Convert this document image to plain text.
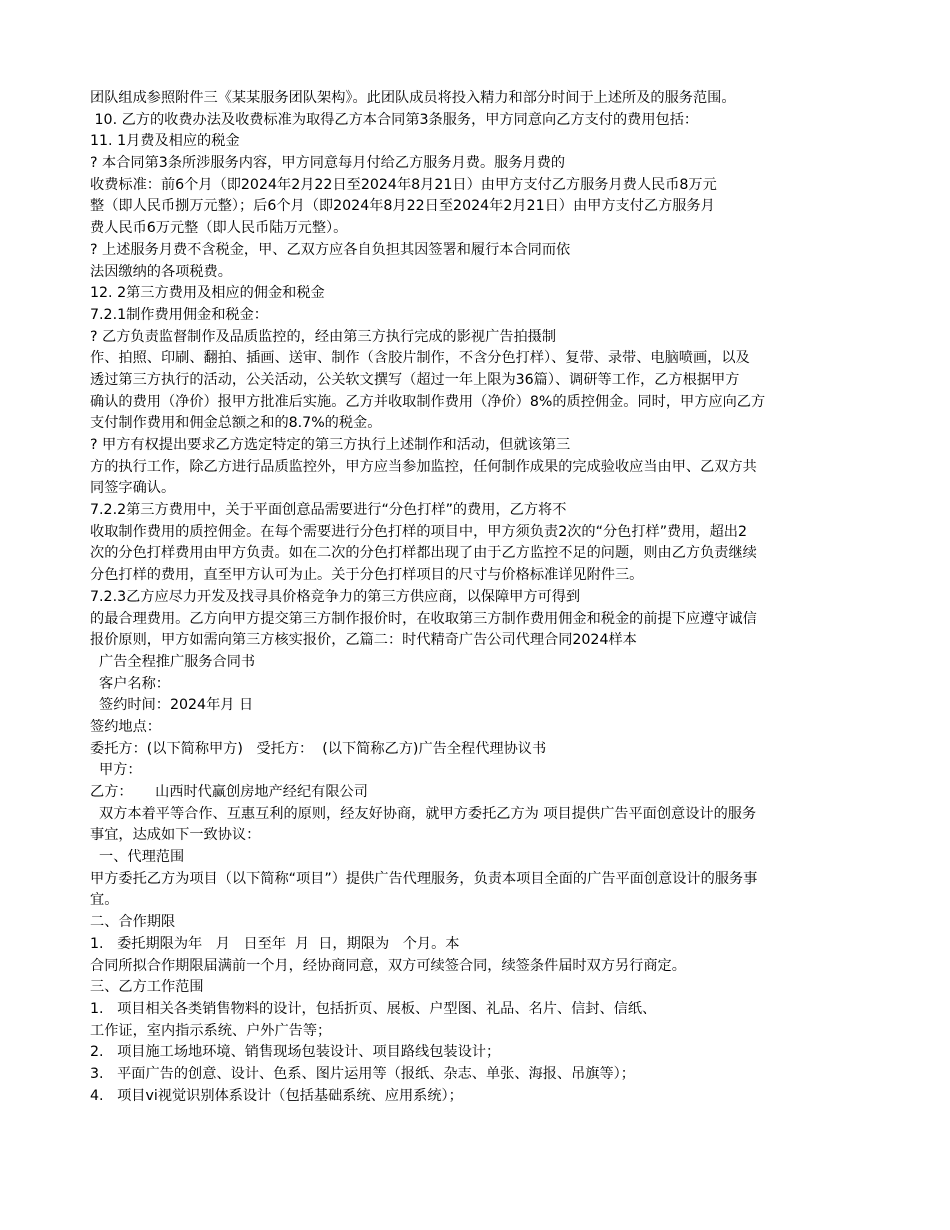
团队组成参照附件三《某某服务团队架构》。此团队成员将投入精力和部分时间于上述所及的服务范围。
10. 乙方的收费办法及收费标准为取得乙方本合同第3条服务，甲方同意向乙方支付的费用包括：
11. 1月费及相应的税金
? 本合同第3条所涉服务内容，甲方同意每月付给乙方服务月费。服务月费的
收费标准：前6个月（即2024年2月22日至2024年8月21日）由甲方支付乙方服务月费人民币8万元
整（即人民币捌万元整）；后6个月（即2024年8月22日至2024年2月21日）由甲方支付乙方服务月
费人民币6万元整（即人民币陆万元整）。
? 上述服务月费不含税金，甲、乙双方应各自负担其因签署和履行本合同而依
法因缴纳的各项税费。
12. 2第三方费用及相应的佣金和税金
7.2.1制作费用佣金和税金：
? 乙方负责监督制作及品质监控的，经由第三方执行完成的影视广告拍摄制
作、拍照、印刷、翻拍、插画、送审、制作（含胶片制作，不含分色打样）、复带、录带、电脑喷画，以及
透过第三方执行的活动，公关活动，公关软文撰写（超过一年上限为36篇）、调研等工作，乙方根据甲方
确认的费用（净价）报甲方批准后实施。乙方并收取制作费用（净价）8%的质控佣金。同时，甲方应向乙方
支付制作费用和佣金总额之和的8.7%的税金。
? 甲方有权提出要求乙方选定特定的第三方执行上述制作和活动，但就该第三
方的执行工作，除乙方进行品质监控外，甲方应当参加监控，任何制作成果的完成验收应当由甲、乙双方共
同签字确认。
7.2.2第三方费用中，关于平面创意品需要进行“分色打样”的费用，乙方将不
收取制作费用的质控佣金。在每个需要进行分色打样的项目中，甲方须负责2次的“分色打样”费用，超出2
次的分色打样费用由甲方负责。如在二次的分色打样都出现了由于乙方监控不足的问题，则由乙方负责继续
分色打样的费用，直至甲方认可为止。关于分色打样项目的尺寸与价格标准详见附件三。
7.2.3乙方应尽力开发及找寻具价格竞争力的第三方供应商，以保障甲方可得到
的最合理费用。乙方向甲方提交第三方制作报价时，在收取第三方制作费用佣金和税金的前提下应遵守诚信
报价原则，甲方如需向第三方核实报价，乙篇二：时代精奇广告公司代理合同2024样本
广告全程推广服务合同书
客户名称：
签约时间：2024年月 日
签约地点：
委托方：(以下简称甲方)   受托方：  (以下简称乙方)广告全程代理协议书
甲方：
乙方：     山西时代赢创房地产经纪有限公司
双方本着平等合作、互惠互利的原则，经友好协商，就甲方委托乙方为 项目提供广告平面创意设计的服务
事宜，达成如下一致协议：
一、代理范围
甲方委托乙方为项目（以下简称“项目”）提供广告代理服务，负责本项目全面的广告平面创意设计的服务事
宜。
二、合作期限
1.   委托期限为年   月   日至年  月  日，期限为   个月。本
合同所拟合作期限届满前一个月，经协商同意，双方可续签合同，续签条件届时双方另行商定。
三、乙方工作范围
1.   项目相关各类销售物料的设计，包括折页、展板、户型图、礼品、名片、信封、信纸、
工作证，室内指示系统、户外广告等；
2.   项目施工场地环境、销售现场包装设计、项目路线包装设计；
3.   平面广告的创意、设计、色系、图片运用等（报纸、杂志、单张、海报、吊旗等）；
4.   项目vi视觉识别体系设计（包括基础系统、应用系统）；
